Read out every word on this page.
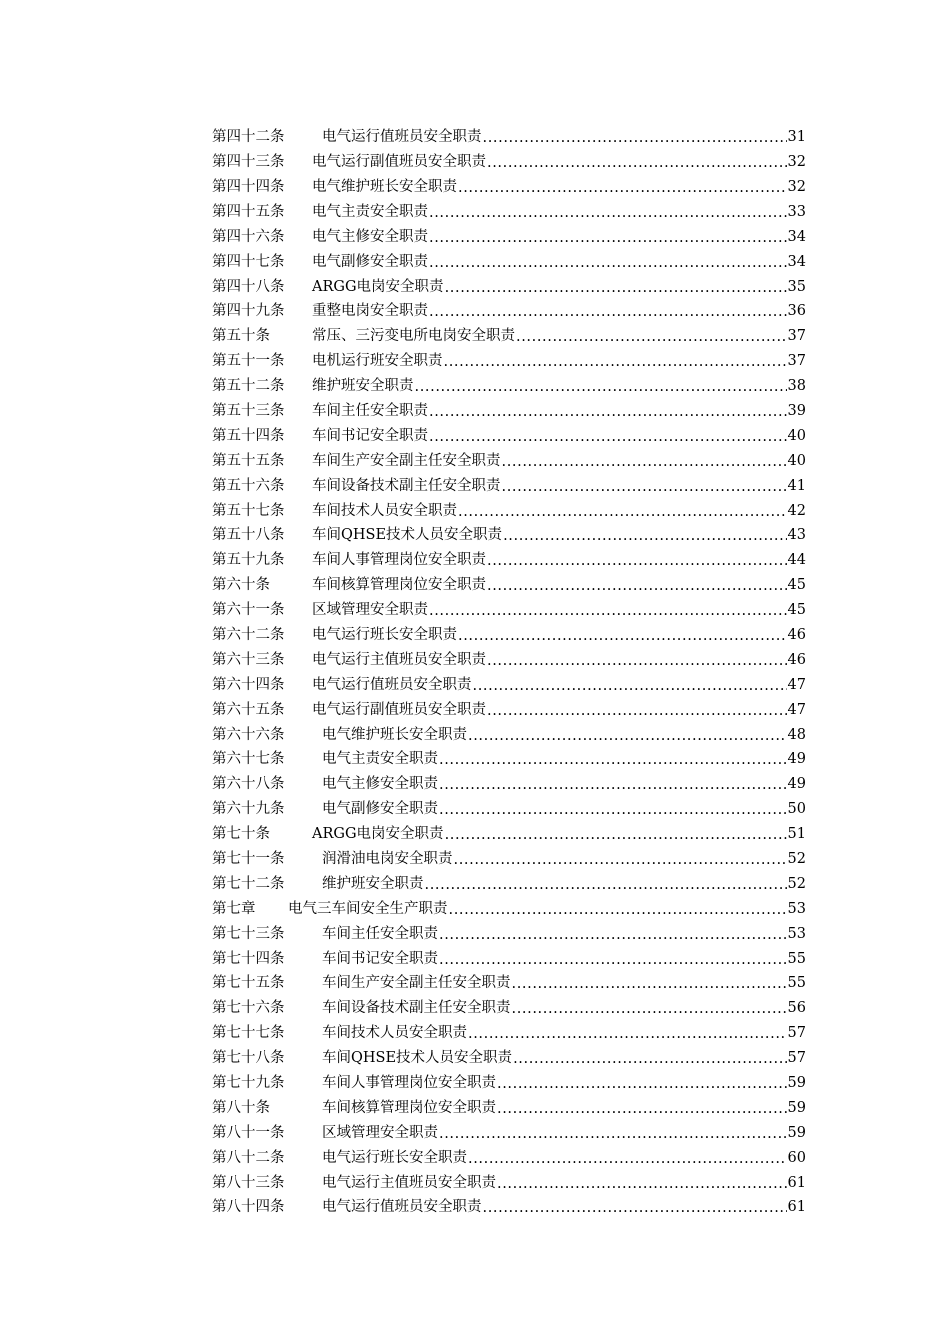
第四十二条	电气运行值班员安全职责 .....	31
第四十三条	电气运行副值班员安全职责 .....	32
第四十四条	电气维护班长安全职责 .....	32
第四十五条	电气主责安全职责 .....	33
第四十六条	电气主修安全职责 .....	34
第四十七条	电气副修安全职责 .....	34
第四十八条	ARGG电岗安全职责 .....	35
第四十九条	重整电岗安全职责 .....	36
第五十条	常压、三污变电所电岗安全职责 .....	37
第五十一条	电机运行班安全职责 .....	37
第五十二条	维护班安全职责 .....	38
第五十三条	车间主任安全职责 .....	39
第五十四条	车间书记安全职责 .....	40
第五十五条	车间生产安全副主任安全职责 .....	40
第五十六条	车间设备技术副主任安全职责 .....	41
第五十七条	车间技术人员安全职责 .....	42
第五十八条	车间QHSE技术人员安全职责 .....	43
第五十九条	车间人事管理岗位安全职责 .....	44
第六十条	车间核算管理岗位安全职责 .....	45
第六十一条	区域管理安全职责 .....	45
第六十二条	电气运行班长安全职责 .....	46
第六十三条	电气运行主值班员安全职责 .....	46
第六十四条	电气运行值班员安全职责 .....	47
第六十五条	电气运行副值班员安全职责 .....	47
第六十六条	电气维护班长安全职责 .....	48
第六十七条	电气主责安全职责 .....	49
第六十八条	电气主修安全职责 .....	49
第六十九条	电气副修安全职责 .....	50
第七十条	ARGG电岗安全职责 .....	51
第七十一条	润滑油电岗安全职责 .....	52
第七十二条	维护班安全职责 .....	52
第七章	电气三车间安全生产职责 .....	53
第七十三条	车间主任安全职责 .....	53
第七十四条	车间书记安全职责 .....	55
第七十五条	车间生产安全副主任安全职责 .....	55
第七十六条	车间设备技术副主任安全职责 .....	56
第七十七条	车间技术人员安全职责 .....	57
第七十八条	车间QHSE技术人员安全职责 .....	57
第七十九条	车间人事管理岗位安全职责 .....	59
第八十条	车间核算管理岗位安全职责 .....	59
第八十一条	区域管理安全职责 .....	59
第八十二条	电气运行班长安全职责 .....	60
第八十三条	电气运行主值班员安全职责 .....	61
第八十四条	电气运行值班员安全职责 .....	61
